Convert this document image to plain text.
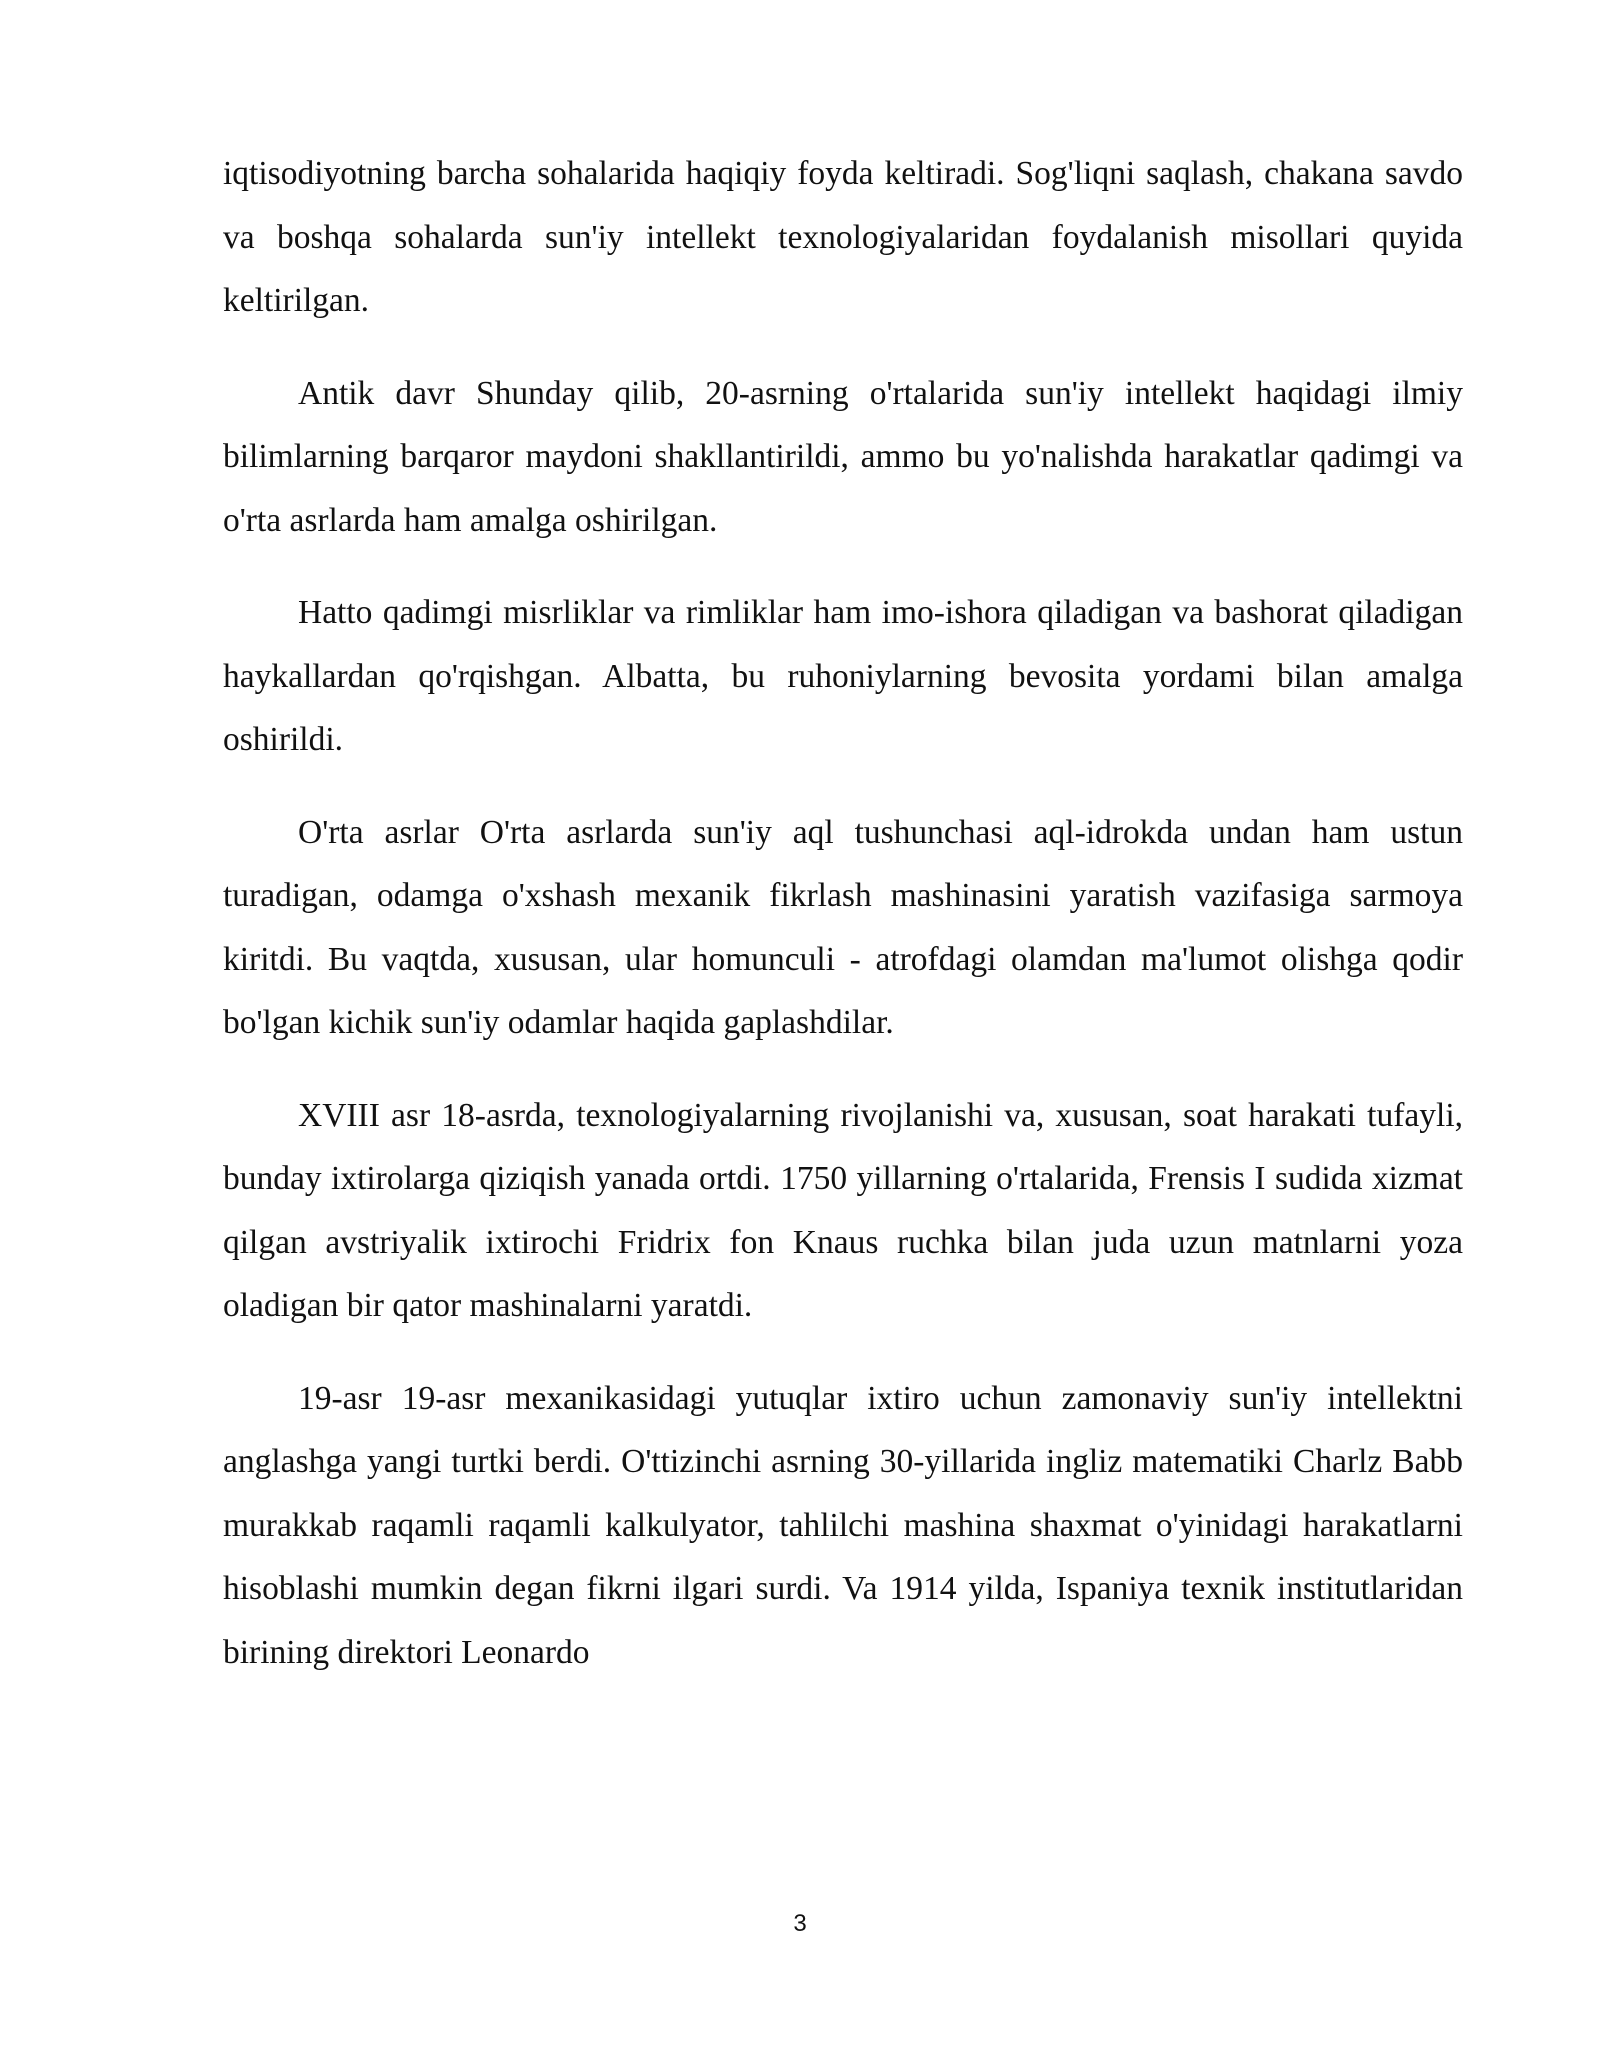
iqtisodiyotning barcha sohalarida haqiqiy foyda keltiradi. Sog'liqni saqlash, chakana savdo va boshqa sohalarda sun'iy intellekt texnologiyalaridan foydalanish misollari quyida keltirilgan.

Antik davr Shunday qilib, 20-asrning o'rtalarida sun'iy intellekt haqidagi ilmiy bilimlarning barqaror maydoni shakllantirildi, ammo bu yo'nalishda harakatlar qadimgi va o'rta asrlarda ham amalga oshirilgan.

Hatto qadimgi misrliklar va rimliklar ham imo-ishora qiladigan va bashorat qiladigan haykallardan qo'rqishgan. Albatta, bu ruhoniylarning bevosita yordami bilan amalga oshirildi.

O'rta asrlar O'rta asrlarda sun'iy aql tushunchasi aql-idrokda undan ham ustun turadigan, odamga o'xshash mexanik fikrlash mashinasini yaratish vazifasiga sarmoya kiritdi. Bu vaqtda, xususan, ular homunculi - atrofdagi olamdan ma'lumot olishga qodir bo'lgan kichik sun'iy odamlar haqida gaplashdilar.

XVIII asr 18-asrda, texnologiyalarning rivojlanishi va, xususan, soat harakati tufayli, bunday ixtirolarga qiziqish yanada ortdi. 1750 yillarning o'rtalarida, Frensis I sudida xizmat qilgan avstriyalik ixtirochi Fridrix fon Knaus ruchka bilan juda uzun matnlarni yoza oladigan bir qator mashinalarni yaratdi.

19-asr 19-asr mexanikasidagi yutuqlar ixtiro uchun zamonaviy sun'iy intellektni anglashga yangi turtki berdi. O'ttizinchi asrning 30-yillarida ingliz matematiki Charlz Babb murakkab raqamli raqamli kalkulyator, tahlilchi mashina shaxmat o'yinidagi harakatlarni hisoblashi mumkin degan fikrni ilgari surdi. Va 1914 yilda, Ispaniya texnik institutlaridan birining direktori Leonardo

3
